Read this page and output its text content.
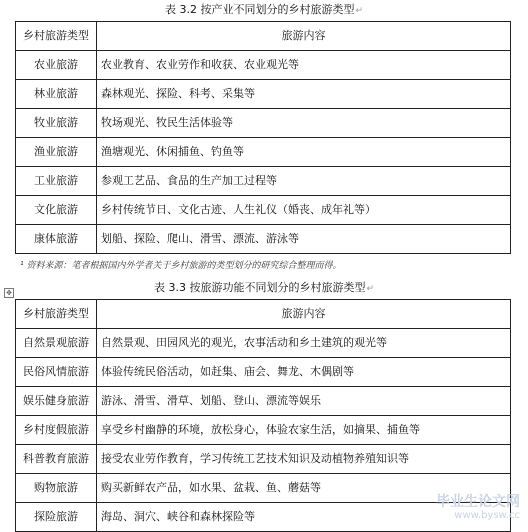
表 3.2 按产业不同划分的乡村旅游类型↵
乡村旅游类型	旅游内容
农业旅游	农业教育、农业劳作和收获、农业观光等
林业旅游	森林观光、探险、科考、采集等
牧业旅游	牧场观光、牧民生活体验等
渔业旅游	渔塘观光、休闲捕鱼、钓鱼等
工业旅游	参观工艺品、食品的生产加工过程等
文化旅游	乡村传统节日、文化古迹、人生礼仪（婚丧、成年礼等）
康体旅游	划船、探险、爬山、滑雪、漂流、游泳等
¹ 资料来源：笔者根据国内外学者关于乡村旅游的类型划分的研究综合整理而得。
✥	表 3.3 按旅游功能不同划分的乡村旅游类型↵
乡村旅游类型	旅游内容
自然景观旅游	自然景观、田园风光的观光，农事活动和乡土建筑的观光等
民俗风情旅游	体验传统民俗活动，如赶集、庙会、舞龙、木偶剧等
娱乐健身旅游	游泳、滑雪、滑草、划船、登山、漂流等娱乐
乡村度假旅游	享受乡村幽静的环境，放松身心，体验农家生活，如摘果、捕鱼等
科普教育旅游	接受农业劳作教育，学习传统工艺技术知识及动植物养殖知识等
购物旅游	购买新鲜农产品，如水果、盆栽、鱼、蘑菇等
探险旅游	海岛、洞穴、峡谷和森林探险等
毕业生论文网
www.bysw.cc
